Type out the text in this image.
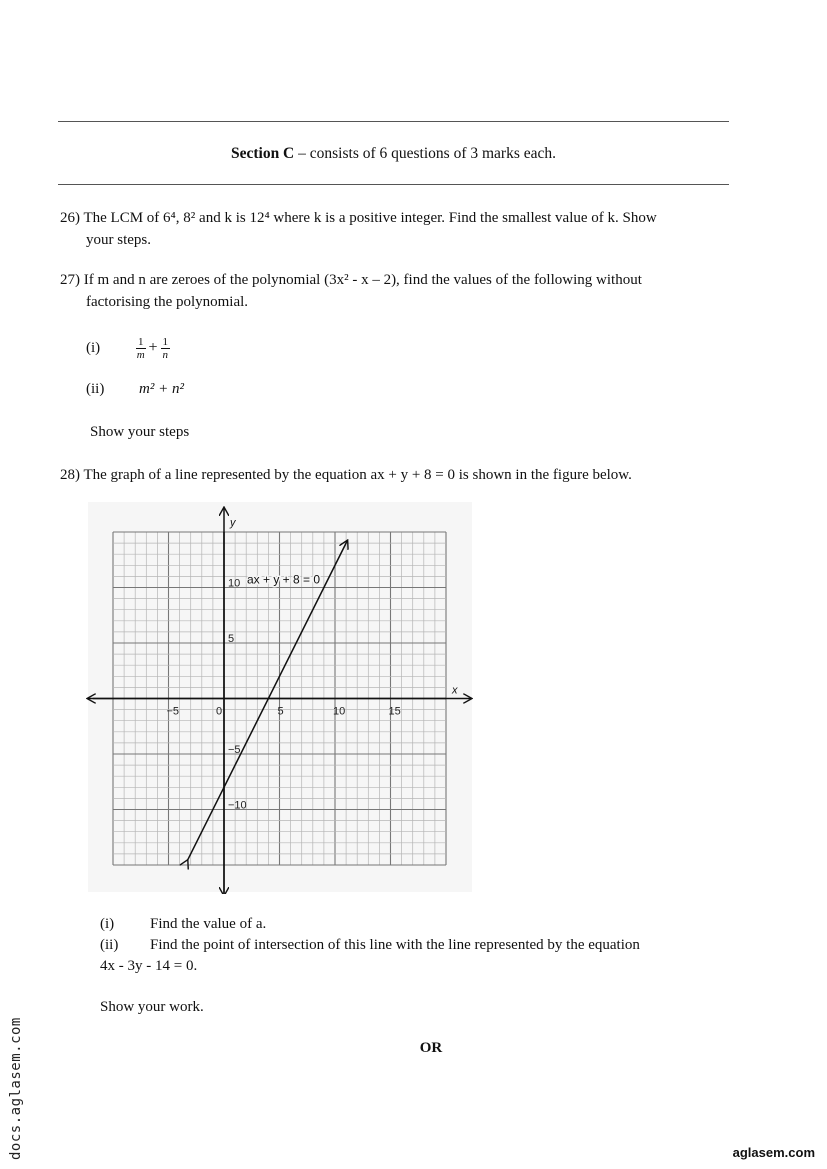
Section C – consists of 6 questions of 3 marks each.
26) The LCM of 6⁴, 8² and k is 12⁴ where k is a positive integer. Find the smallest value of k. Show
your steps.
27) If m and n are zeroes of the polynomial (3x² - x – 2), find the values of the following without
factorising the polynomial.
(i)	$\frac{1}{m} + \frac{1}{n}$
(ii)	m² + n²
Show your steps
28) The graph of a line represented by the equation ax + y + 8 = 0 is shown in the figure below.
y
x
−5	0	5	10	15
10
5
−5
−10
ax + y + 8 = 0
(i)	Find the value of a.
(ii)	Find the point of intersection of this line with the line represented by the equation
4x - 3y - 14 = 0.
Show your work.
OR
docs.aglasem.com	aglasem.com
